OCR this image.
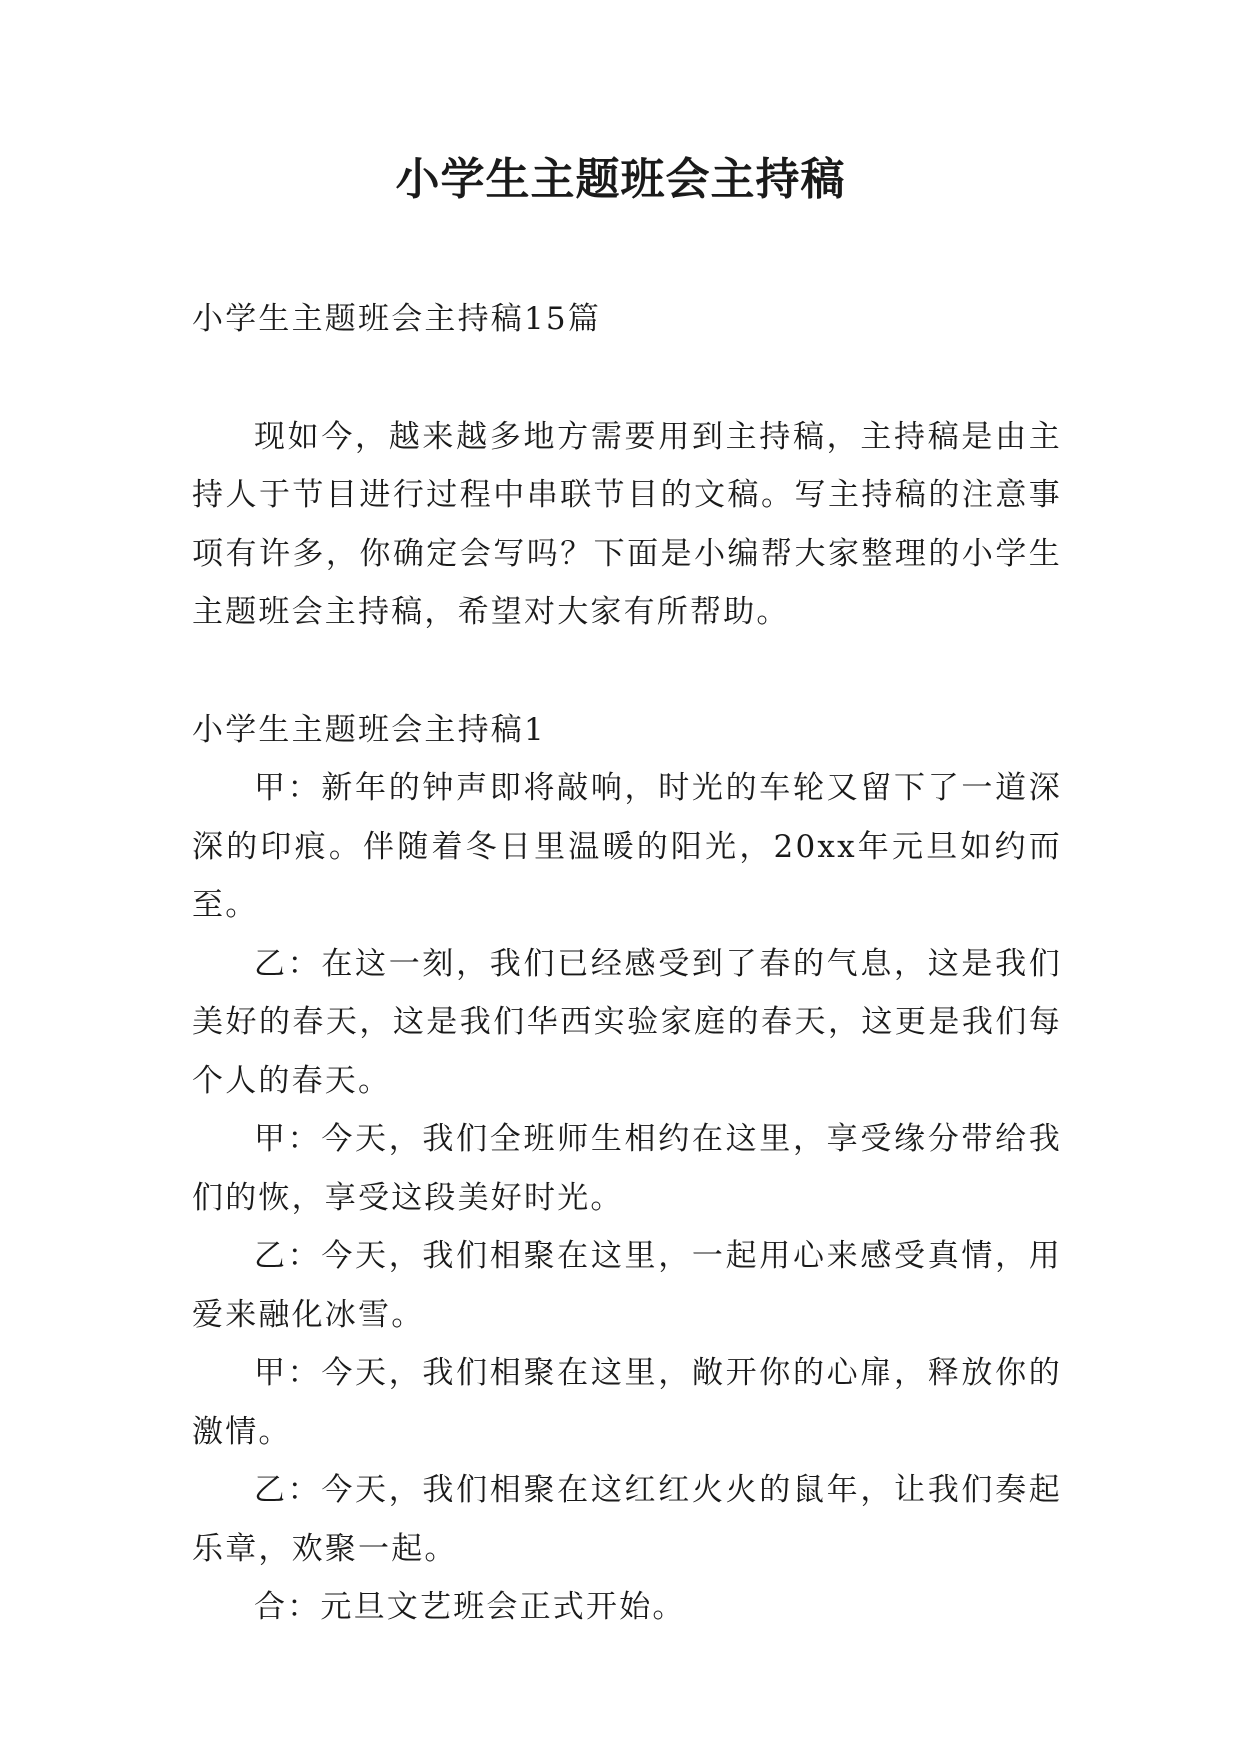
小学生主题班会主持稿

小学生主题班会主持稿15篇

现如今，越来越多地方需要用到主持稿，主持稿是由主持人于节目进行过程中串联节目的文稿。写主持稿的注意事项有许多，你确定会写吗？下面是小编帮大家整理的小学生主题班会主持稿，希望对大家有所帮助。

小学生主题班会主持稿1

甲：新年的钟声即将敲响，时光的车轮又留下了一道深深的印痕。伴随着冬日里温暖的阳光，20xx年元旦如约而至。

乙：在这一刻，我们已经感受到了春的气息，这是我们美好的春天，这是我们华西实验家庭的春天，这更是我们每个人的春天。

甲：今天，我们全班师生相约在这里，享受缘分带给我们的恢，享受这段美好时光。

乙：今天，我们相聚在这里，一起用心来感受真情，用爱来融化冰雪。

甲：今天，我们相聚在这里，敞开你的心扉，释放你的激情。

乙：今天，我们相聚在这红红火火的鼠年，让我们奏起乐章，欢聚一起。

合：元旦文艺班会正式开始。
